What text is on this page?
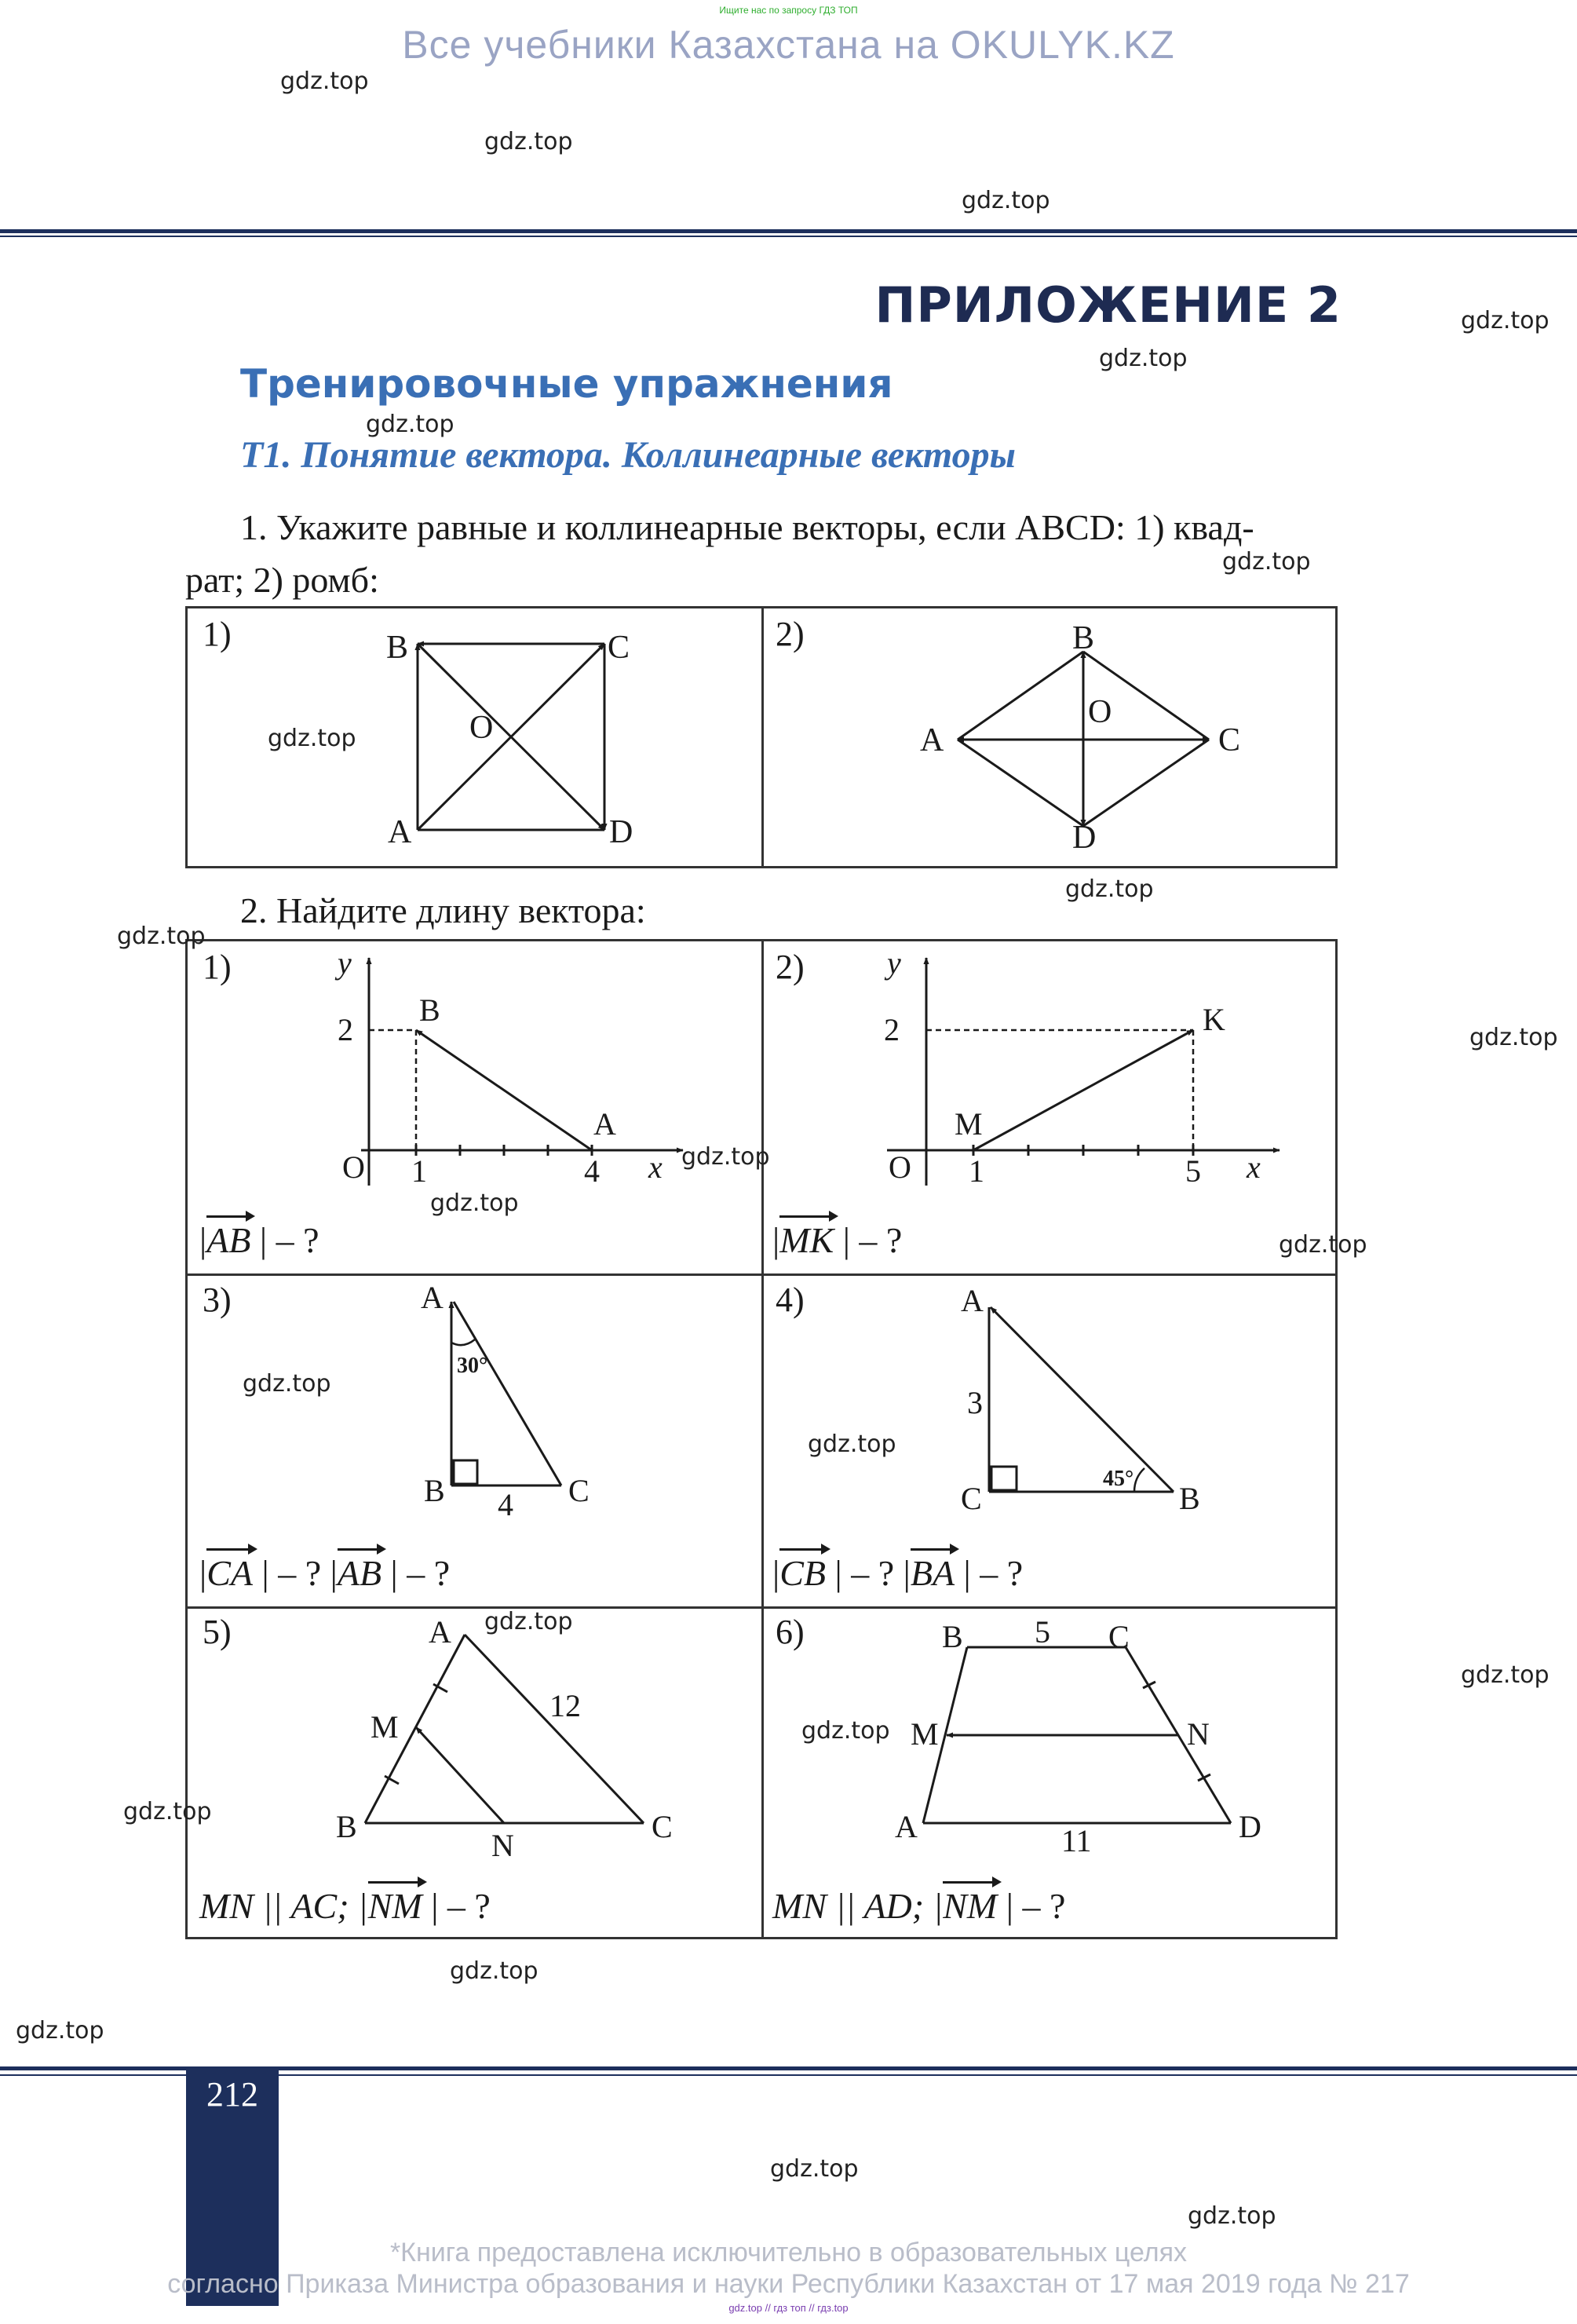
Ищите нас по запросу ГДЗ ТОП
Все учебники Казахстана на OKULYK.KZ
ПРИЛОЖЕНИЕ 2
Тренировочные упражнения
Т1. Понятие вектора. Коллинеарные векторы
1. Укажите равные и коллинеарные векторы, если ABCD: 1) квад-
рат; 2) ромб:
1)	2)
B	C
A	D
O
B
A	C
D
O
2. Найдите длину вектора:
1)	2)
3)	4)
5)	6)
y
x
O
2
1	4
B
A
y
x
O
2
1	5
M
K
|AB | – ?	|MK | – ?
A
B	C
30°
4
A
C	B
3
45°
|CA | – ? |AB | – ?	|CB | – ? |BA | – ?
A
B	C
M
N
12
B	C
A	D
M	N
5
11
MN || AC; |NM | – ?	MN || AD; |NM | – ?
212
*Книга предоставлена исключительно в образовательных целях
согласно Приказа Министра образования и науки Республики Казахстан от 17 мая 2019 года № 217
gdz.top // гдз топ // гдз.top
gdz.top
gdz.top
gdz.top
gdz.top
gdz.top
gdz.top
gdz.top
gdz.top
gdz.top
gdz.top
gdz.top
gdz.top
gdz.top
gdz.top
gdz.top
gdz.top
gdz.top
gdz.top
gdz.top
gdz.top
gdz.top
gdz.top
gdz.top
gdz.top
